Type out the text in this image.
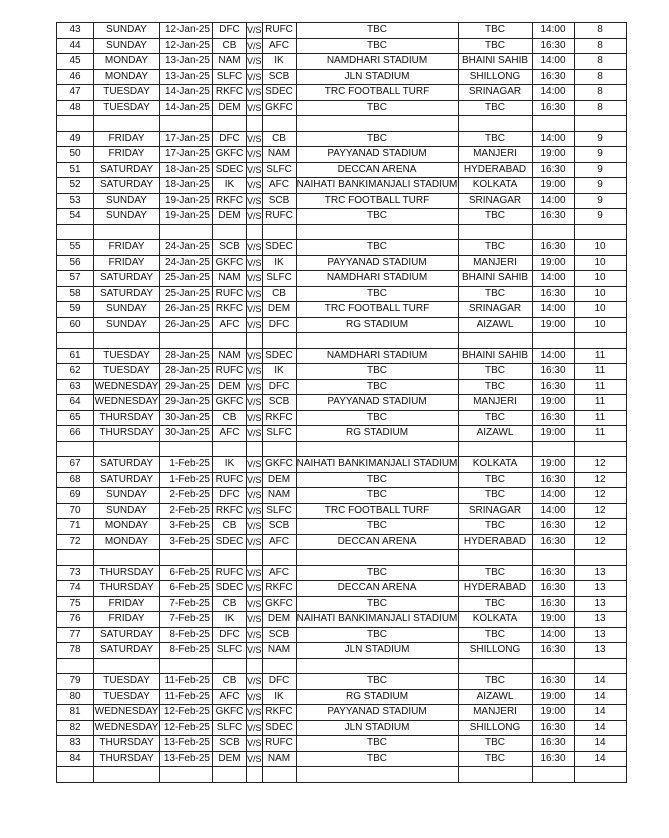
43	SUNDAY	12-Jan-25	DFC	V/S	RUFC	TBC	TBC	14:00	8
44	SUNDAY	12-Jan-25	CB	V/S	AFC	TBC	TBC	16:30	8
45	MONDAY	13-Jan-25	NAM	V/S	IK	NAMDHARI STADIUM	BHAINI SAHIB	14:00	8
46	MONDAY	13-Jan-25	SLFC	V/S	SCB	JLN STADIUM	SHILLONG	16:30	8
47	TUESDAY	14-Jan-25	RKFC	V/S	SDEC	TRC FOOTBALL TURF	SRINAGAR	14:00	8
48	TUESDAY	14-Jan-25	DEM	V/S	GKFC	TBC	TBC	16:30	8

49	FRIDAY	17-Jan-25	DFC	V/S	CB	TBC	TBC	14:00	9
50	FRIDAY	17-Jan-25	GKFC	V/S	NAM	PAYYANAD STADIUM	MANJERI	19:00	9
51	SATURDAY	18-Jan-25	SDEC	V/S	SLFC	DECCAN ARENA	HYDERABAD	16:30	9
52	SATURDAY	18-Jan-25	IK	V/S	AFC	NAIHATI BANKIMANJALI STADIUM	KOLKATA	19:00	9
53	SUNDAY	19-Jan-25	RKFC	V/S	SCB	TRC FOOTBALL TURF	SRINAGAR	14:00	9
54	SUNDAY	19-Jan-25	DEM	V/S	RUFC	TBC	TBC	16:30	9

55	FRIDAY	24-Jan-25	SCB	V/S	SDEC	TBC	TBC	16:30	10
56	FRIDAY	24-Jan-25	GKFC	V/S	IK	PAYYANAD STADIUM	MANJERI	19:00	10
57	SATURDAY	25-Jan-25	NAM	V/S	SLFC	NAMDHARI STADIUM	BHAINI SAHIB	14:00	10
58	SATURDAY	25-Jan-25	RUFC	V/S	CB	TBC	TBC	16:30	10
59	SUNDAY	26-Jan-25	RKFC	V/S	DEM	TRC FOOTBALL TURF	SRINAGAR	14:00	10
60	SUNDAY	26-Jan-25	AFC	V/S	DFC	RG STADIUM	AIZAWL	19:00	10

61	TUESDAY	28-Jan-25	NAM	V/S	SDEC	NAMDHARI STADIUM	BHAINI SAHIB	14:00	11
62	TUESDAY	28-Jan-25	RUFC	V/S	IK	TBC	TBC	16:30	11
63	WEDNESDAY	29-Jan-25	DEM	V/S	DFC	TBC	TBC	16:30	11
64	WEDNESDAY	29-Jan-25	GKFC	V/S	SCB	PAYYANAD STADIUM	MANJERI	19:00	11
65	THURSDAY	30-Jan-25	CB	V/S	RKFC	TBC	TBC	16:30	11
66	THURSDAY	30-Jan-25	AFC	V/S	SLFC	RG STADIUM	AIZAWL	19:00	11

67	SATURDAY	1-Feb-25	IK	V/S	GKFC	NAIHATI BANKIMANJALI STADIUM	KOLKATA	19:00	12
68	SATURDAY	1-Feb-25	RUFC	V/S	DEM	TBC	TBC	16:30	12
69	SUNDAY	2-Feb-25	DFC	V/S	NAM	TBC	TBC	14:00	12
70	SUNDAY	2-Feb-25	RKFC	V/S	SLFC	TRC FOOTBALL TURF	SRINAGAR	14:00	12
71	MONDAY	3-Feb-25	CB	V/S	SCB	TBC	TBC	16:30	12
72	MONDAY	3-Feb-25	SDEC	V/S	AFC	DECCAN ARENA	HYDERABAD	16:30	12

73	THURSDAY	6-Feb-25	RUFC	V/S	AFC	TBC	TBC	16:30	13
74	THURSDAY	6-Feb-25	SDEC	V/S	RKFC	DECCAN ARENA	HYDERABAD	16:30	13
75	FRIDAY	7-Feb-25	CB	V/S	GKFC	TBC	TBC	16:30	13
76	FRIDAY	7-Feb-25	IK	V/S	DEM	NAIHATI BANKIMANJALI STADIUM	KOLKATA	19:00	13
77	SATURDAY	8-Feb-25	DFC	V/S	SCB	TBC	TBC	14:00	13
78	SATURDAY	8-Feb-25	SLFC	V/S	NAM	JLN STADIUM	SHILLONG	16:30	13

79	TUESDAY	11-Feb-25	CB	V/S	DFC	TBC	TBC	16:30	14
80	TUESDAY	11-Feb-25	AFC	V/S	IK	RG STADIUM	AIZAWL	19:00	14
81	WEDNESDAY	12-Feb-25	GKFC	V/S	RKFC	PAYYANAD STADIUM	MANJERI	19:00	14
82	WEDNESDAY	12-Feb-25	SLFC	V/S	SDEC	JLN STADIUM	SHILLONG	16:30	14
83	THURSDAY	13-Feb-25	SCB	V/S	RUFC	TBC	TBC	16:30	14
84	THURSDAY	13-Feb-25	DEM	V/S	NAM	TBC	TBC	16:30	14
